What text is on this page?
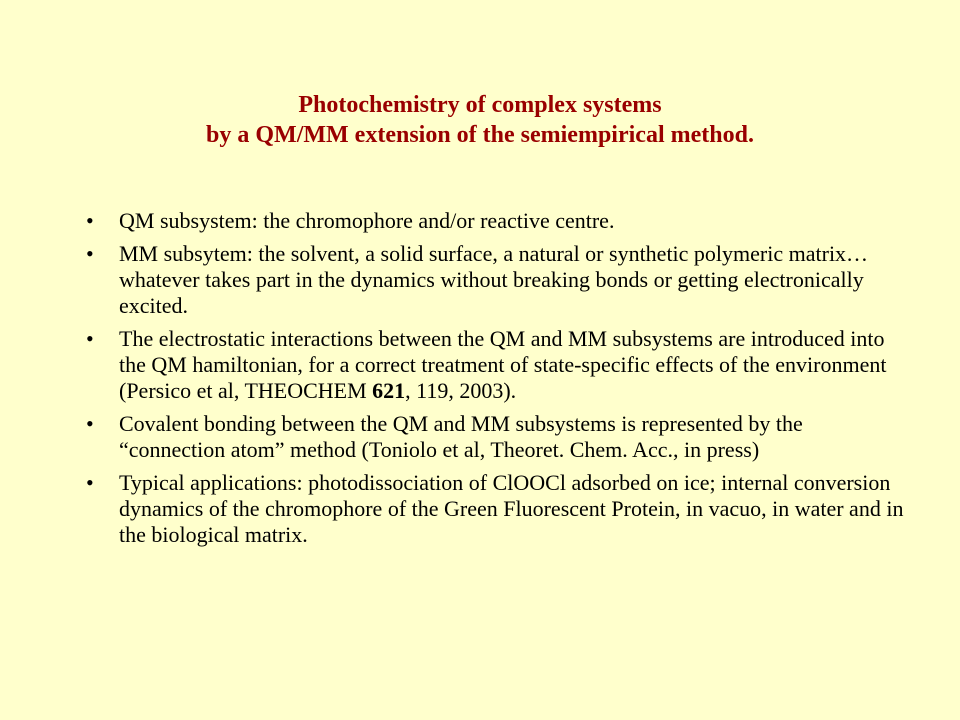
Photochemistry of complex systems
by a QM/MM extension of the semiempirical method.
•
QM subsystem: the chromophore and/or reactive centre.
•
MM subsytem: the solvent, a solid surface, a natural or synthetic polymeric matrix…whatever takes part in the dynamics without breaking bonds or getting electronically excited.
•
The electrostatic interactions between the QM and MM subsystems are introduced into the QM hamiltonian, for a correct treatment of state-specific effects of the environment (Persico et al, THEOCHEM 621, 119, 2003).
•
Covalent bonding between the QM and MM subsystems is represented by the “connection atom” method (Toniolo et al, Theoret. Chem. Acc., in press)
•
Typical applications: photodissociation of ClOOCl adsorbed on ice; internal conversion dynamics of the chromophore of the Green Fluorescent Protein, in vacuo, in water and in the biological matrix.
